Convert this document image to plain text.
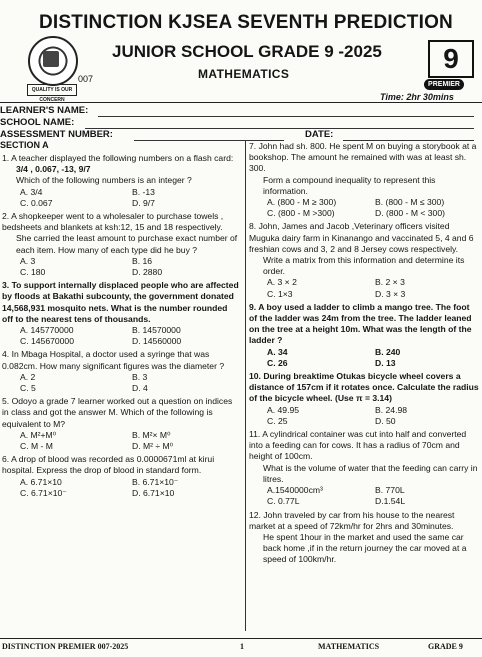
DISTINCTION KJSEA SEVENTH PREDICTION
QUALITY IS OUR CONCERN
JUNIOR SCHOOL GRADE 9 -2025
007	MATHEMATICS	9
PREMIER
Time: 2hr 30mins
LEARNER'S NAME:
SCHOOL NAME:
ASSESSMENT NUMBER:	DATE:
SECTION A

1. A teacher displayed the following numbers on a flash card:

3/4 , 0.067, -13, 9/7

Which of the following numbers is an integer ?

A. 3/4	B. -13
C. 0.067	D. 9/7

2. A shopkeeper went to a wholesaler to purchase towels , bedsheets and blankets at ksh:12, 15 and 18 respectively.

She carried the least amount to purchase exact number of each item. How many of each type did he buy ?

A. 3	B. 16
C. 180	D. 2880

3. To support internally displaced people who are affected by floods at Bakathi subcounty, the government donated 14,568,931 mosquito nets. What is the number rounded off to the nearest tens of thousands.

A. 145770000	B. 14570000
C. 145670000	D. 14560000

4. In Mbaga Hospital, a doctor used a syringe that was 0.082cm. How many significant figures was the diameter ?

A. 2	B. 3
C. 5	D. 4

5. Odoyo a grade 7 learner worked out a question on indices in class and got the answer M. Which of the following is equivalent to M?

A. M²+M⁰	B. M²× M⁰
C. M - M	D. M² ÷ M⁰

6. A drop of blood was recorded as 0.0000671ml at kirui hospital. Express the drop of blood in standard form.

A. 6.71×10	B. 6.71×10⁻
C. 6.71×10⁻	D. 6.71×10

7. John had sh. 800. He spent M on buying a storybook at a bookshop. The amount he remained with was at least sh. 300.

Form a compound inequality to represent this information.

A. (800 - M ≥ 300)	B. (800 - M ≤ 300)
C. (800 - M >300)	D. (800 - M < 300)

8. John, James and Jacob ,Veterinary officers visited Muguka dairy farm in Kinanango and vaccinated 5, 4 and 6 freshian cows and 3, 2 and 8 Jersey cows respectively.

Write a matrix from this information and determine its order.

A. 3 × 2	B. 2 × 3
C. 1×3	D. 3 × 3

9. A boy used a ladder to climb a mango tree. The foot of the ladder was 24m from the tree. The ladder leaned on the tree at a height 10m. What was the length of the ladder ?

A. 34	B. 240
C. 26	D. 13

10. During breaktime Otukas bicycle wheel covers a distance of 157cm if it rotates once. Calculate the radius of the bicycle wheel. (Use π = 3.14)

A. 49.95	B. 24.98
C. 25	D. 50

11. A cylindrical container was cut into half and converted into a feeding can for cows. It has a radius of 70cm and height of 100cm.

What is the volume of water that the feeding can carry in litres.

A.1540000cm³	B. 770L
C. 0.77L	D.1.54L

12. John traveled by car from his house to the nearest market at a speed of 72km/hr for 2hrs and 30minutes.

He spent 1hour in the market and used the same car back home ,if in the return journey the car moved at a speed of 100km/hr.

DISTINCTION PREMIER 007-2025	1	MATHEMATICS	GRADE 9
